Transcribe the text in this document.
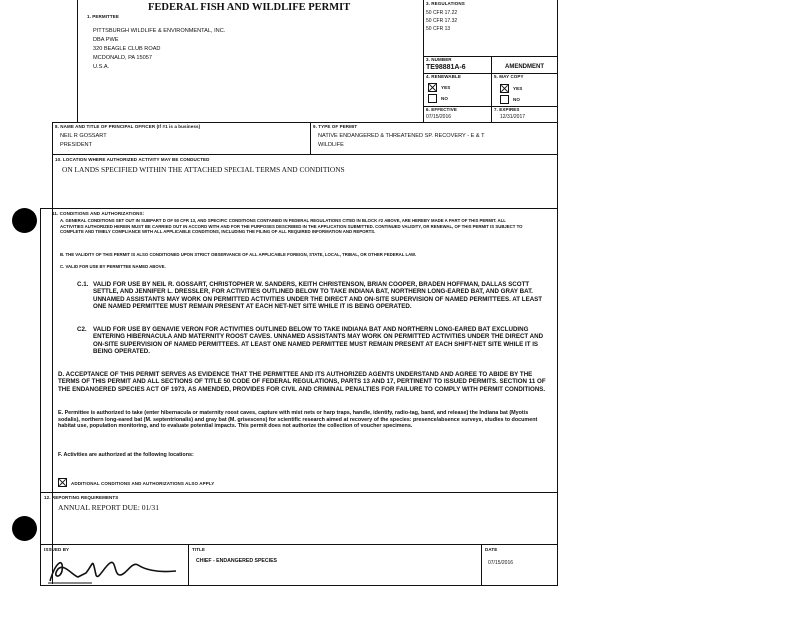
FEDERAL FISH AND WILDLIFE PERMIT
1. PERMITTEE
PITTSBURGH WILDLIFE & ENVIRONMENTAL, INC.
DBA PWE
320 BEAGLE CLUB ROAD
MCDONALD, PA 15057
U.S.A.
3. REGULATIONS
50 CFR 17.22
50 CFR 17.32
50 CFR 13
3. NUMBER
TE98881A-6	AMENDMENT
4. RENEWABLE
YES
NO
5. MAY COPY
YES
NO
6. EFFECTIVE
07/15/2016
7. EXPIRES
12/31/2017
8. NAME AND TITLE OF PRINCIPAL OFFICER (If #1 is a business)
NEIL R GOSSART
PRESIDENT
9. TYPE OF PERMIT
NATIVE ENDANGERED & THREATENED SP. RECOVERY - E & T
WILDLIFE
10. LOCATION WHERE AUTHORIZED ACTIVITY MAY BE CONDUCTED
ON LANDS SPECIFIED WITHIN THE ATTACHED SPECIAL TERMS AND CONDITIONS
11. CONDITIONS AND AUTHORIZATIONS:
A. GENERAL CONDITIONS SET OUT IN SUBPART D OF 50 CFR 13, AND SPECIFIC CONDITIONS CONTAINED IN FEDERAL REGULATIONS CITED IN BLOCK #2 ABOVE, ARE HEREBY MADE A PART OF THIS PERMIT. ALL ACTIVITIES AUTHORIZED HEREIN MUST BE CARRIED OUT IN ACCORD WITH AND FOR THE PURPOSES DESCRIBED IN THE APPLICATION SUBMITTED. CONTINUED VALIDITY, OR RENEWAL, OF THIS PERMIT IS SUBJECT TO COMPLETE AND TIMELY COMPLIANCE WITH ALL APPLICABLE CONDITIONS, INCLUDING THE FILING OF ALL REQUIRED INFORMATION AND REPORTS.
B. THE VALIDITY OF THIS PERMIT IS ALSO CONDITIONED UPON STRICT OBSERVANCE OF ALL APPLICABLE FOREIGN, STATE, LOCAL, TRIBAL, OR OTHER FEDERAL LAW.
C. VALID FOR USE BY PERMITTEE NAMED ABOVE.
C.1. VALID FOR USE BY NEIL R. GOSSART, CHRISTOPHER W. SANDERS, KEITH CHRISTENSON, BRIAN COOPER, BRADEN HOFFMAN, DALLAS SCOTT SETTLE, AND JENNIFER L. DRESSLER, FOR ACTIVITIES OUTLINED BELOW TO TAKE INDIANA BAT, NORTHERN LONG-EARED BAT, AND GRAY BAT. UNNAMED ASSISTANTS MAY WORK ON PERMITTED ACTIVITIES UNDER THE DIRECT AND ON-SITE SUPERVISION OF NAMED PERMITTEES. AT LEAST ONE NAMED PERMITTEE MUST REMAIN PRESENT AT EACH NET-NET SITE WHILE IT IS BEING OPERATED.
C2. VALID FOR USE BY GENAVIE VERON FOR ACTIVITIES OUTLINED BELOW TO TAKE INDIANA BAT AND NORTHERN LONG-EARED BAT EXCLUDING ENTERING HIBERNACULA AND MATERNITY ROOST CAVES. UNNAMED ASSISTANTS MAY WORK ON PERMITTED ACTIVITIES UNDER THE DIRECT AND ON-SITE SUPERVISION OF NAMED PERMITTEES. AT LEAST ONE NAMED PERMITTEE MUST REMAIN PRESENT AT EACH SHIFT-NET SITE WHILE IT IS BEING OPERATED.
D. ACCEPTANCE OF THIS PERMIT SERVES AS EVIDENCE THAT THE PERMITTEE AND ITS AUTHORIZED AGENTS UNDERSTAND AND AGREE TO ABIDE BY THE TERMS OF THIS PERMIT AND ALL SECTIONS OF TITLE 50 CODE OF FEDERAL REGULATIONS, PARTS 13 AND 17, PERTINENT TO ISSUED PERMITS. SECTION 11 OF THE ENDANGERED SPECIES ACT OF 1973, AS AMENDED, PROVIDES FOR CIVIL AND CRIMINAL PENALTIES FOR FAILURE TO COMPLY WITH PERMIT CONDITIONS.
E. Permittee is authorized to take (enter hibernacula or maternity roost caves, capture with mist nets or harp traps, handle, identify, radio-tag, band, and release) the Indiana bat (Myotis sodalis), northern long-eared bat (M. septentrionalis) and gray bat (M. grisescens) for scientific research aimed at recovery of the species: presence/absence surveys, studies to document habitat use, population monitoring, and to evaluate potential impacts. This permit does not authorize the collection of voucher specimens.
F. Activities are authorized at the following locations:
ADDITIONAL CONDITIONS AND AUTHORIZATIONS ALSO APPLY
12. REPORTING REQUIREMENTS
ANNUAL REPORT DUE: 01/31
ISSUED BY	TITLE
CHIEF - ENDANGERED SPECIES
DATE
07/15/2016
